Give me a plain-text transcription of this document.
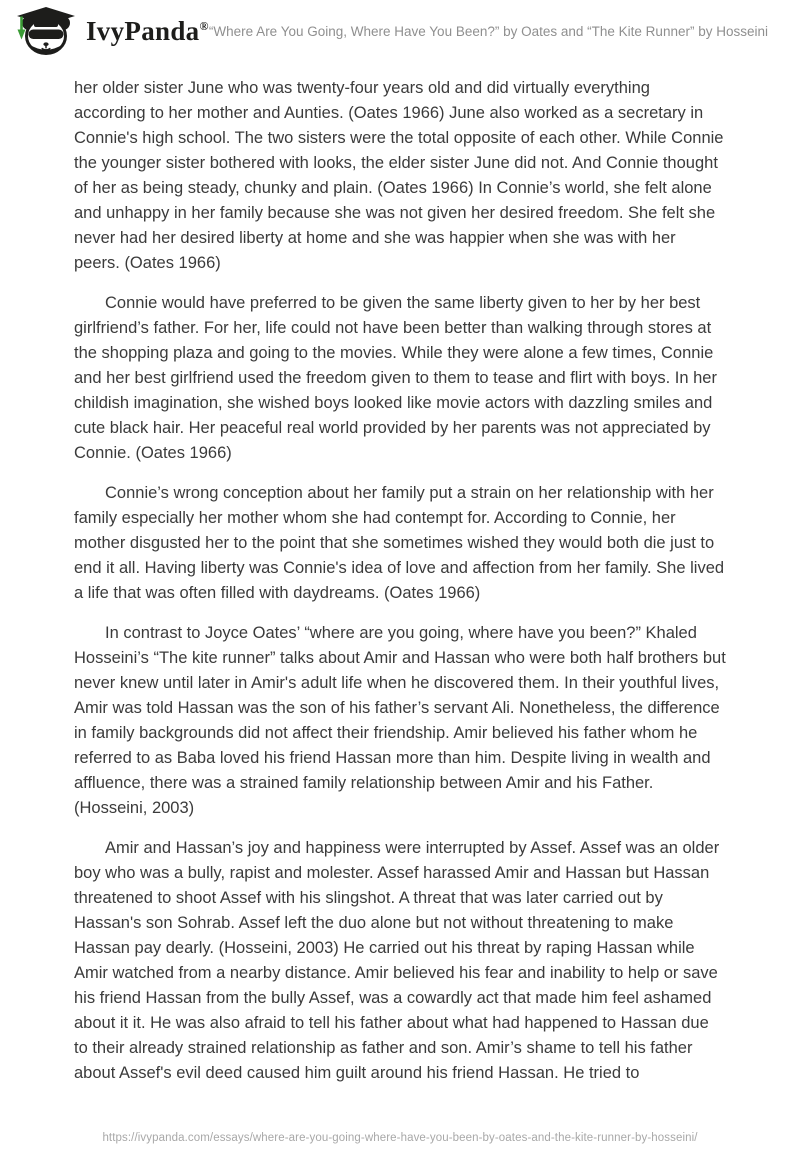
IvyPanda® “Where Are You Going, Where Have You Been?” by Oates and “The Kite Runner” by Hosseini

her older sister June who was twenty-four years old and did virtually everything according to her mother and Aunties. (Oates 1966) June also worked as a secretary in Connie's high school. The two sisters were the total opposite of each other. While Connie the younger sister bothered with looks, the elder sister June did not. And Connie thought of her as being steady, chunky and plain. (Oates 1966) In Connie’s world, she felt alone and unhappy in her family because she was not given her desired freedom. She felt she never had her desired liberty at home and she was happier when she was with her peers. (Oates 1966)

Connie would have preferred to be given the same liberty given to her by her best girlfriend’s father. For her, life could not have been better than walking through stores at the shopping plaza and going to the movies. While they were alone a few times, Connie and her best girlfriend used the freedom given to them to tease and flirt with boys. In her childish imagination, she wished boys looked like movie actors with dazzling smiles and cute black hair. Her peaceful real world provided by her parents was not appreciated by Connie. (Oates 1966)

Connie’s wrong conception about her family put a strain on her relationship with her family especially her mother whom she had contempt for. According to Connie, her mother disgusted her to the point that she sometimes wished they would both die just to end it all. Having liberty was Connie's idea of love and affection from her family. She lived a life that was often filled with daydreams. (Oates 1966)

In contrast to Joyce Oates’ “where are you going, where have you been?” Khaled Hosseini’s “The kite runner” talks about Amir and Hassan who were both half brothers but never knew until later in Amir's adult life when he discovered them. In their youthful lives, Amir was told Hassan was the son of his father’s servant Ali. Nonetheless, the difference in family backgrounds did not affect their friendship. Amir believed his father whom he referred to as Baba loved his friend Hassan more than him. Despite living in wealth and affluence, there was a strained family relationship between Amir and his Father. (Hosseini, 2003)

Amir and Hassan’s joy and happiness were interrupted by Assef. Assef was an older boy who was a bully, rapist and molester. Assef harassed Amir and Hassan but Hassan threatened to shoot Assef with his slingshot. A threat that was later carried out by Hassan's son Sohrab. Assef left the duo alone but not without threatening to make Hassan pay dearly. (Hosseini, 2003) He carried out his threat by raping Hassan while Amir watched from a nearby distance. Amir believed his fear and inability to help or save his friend Hassan from the bully Assef, was a cowardly act that made him feel ashamed about it it. He was also afraid to tell his father about what had happened to Hassan due to their already strained relationship as father and son. Amir’s shame to tell his father about Assef's evil deed caused him guilt around his friend Hassan. He tried to

https://ivypanda.com/essays/where-are-you-going-where-have-you-been-by-oates-and-the-kite-runner-by-hosseini/
